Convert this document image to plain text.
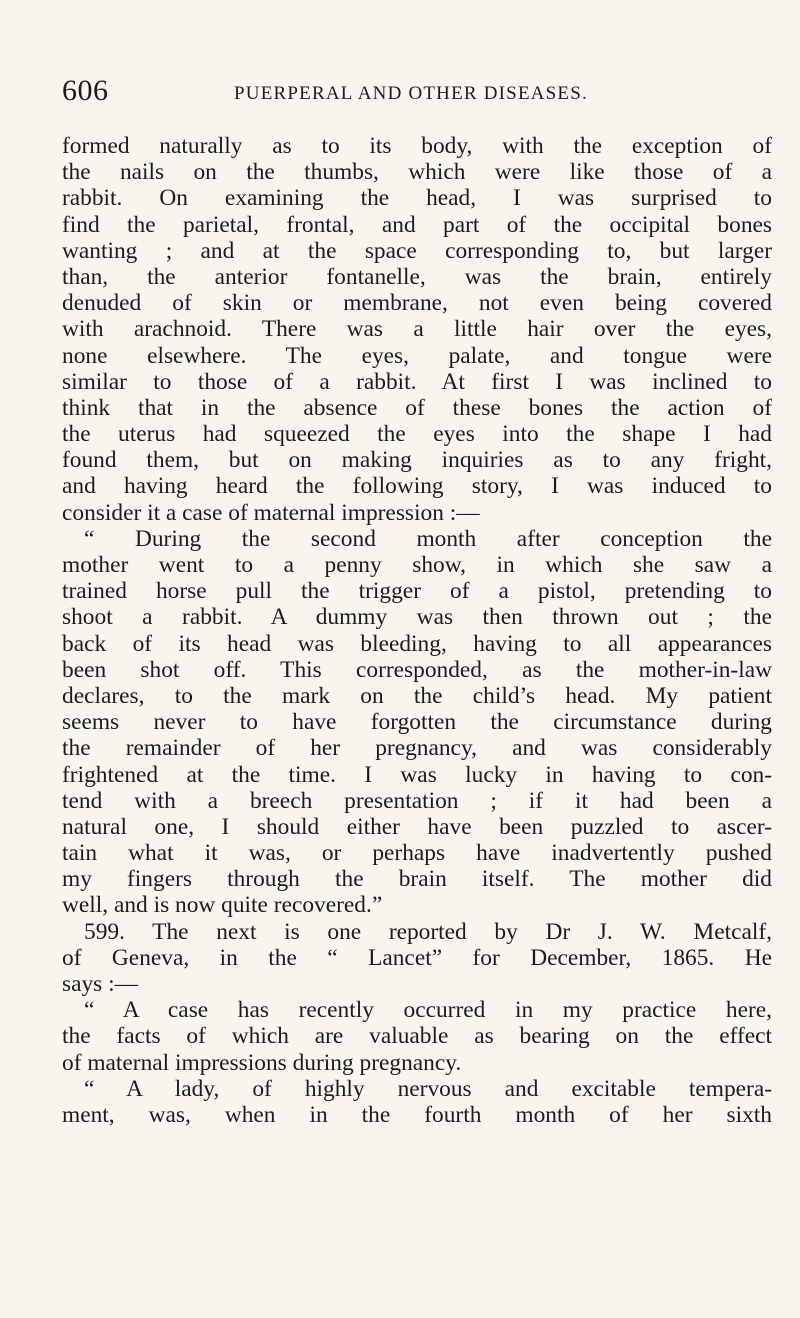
606	PUERPERAL AND OTHER DISEASES.
formed naturally as to its body, with the exception of
the nails on the thumbs, which were like those of a
rabbit. On examining the head, I was surprised to
find the parietal, frontal, and part of the occipital bones
wanting ; and at the space corresponding to, but larger
than, the anterior fontanelle, was the brain, entirely
denuded of skin or membrane, not even being covered
with arachnoid. There was a little hair over the eyes,
none elsewhere. The eyes, palate, and tongue were
similar to those of a rabbit. At first I was inclined to
think that in the absence of these bones the action of
the uterus had squeezed the eyes into the shape I had
found them, but on making inquiries as to any fright,
and having heard the following story, I was induced to
consider it a case of maternal impression :—
“ During the second month after conception the
mother went to a penny show, in which she saw a
trained horse pull the trigger of a pistol, pretending to
shoot a rabbit. A dummy was then thrown out ; the
back of its head was bleeding, having to all appearances
been shot off. This corresponded, as the mother-in-law
declares, to the mark on the child’s head. My patient
seems never to have forgotten the circumstance during
the remainder of her pregnancy, and was considerably
frightened at the time. I was lucky in having to con-
tend with a breech presentation ; if it had been a
natural one, I should either have been puzzled to ascer-
tain what it was, or perhaps have inadvertently pushed
my fingers through the brain itself. The mother did
well, and is now quite recovered.”
599. The next is one reported by Dr J. W. Metcalf,
of Geneva, in the “ Lancet” for December, 1865. He
says :—
“ A case has recently occurred in my practice here,
the facts of which are valuable as bearing on the effect
of maternal impressions during pregnancy.
“ A lady, of highly nervous and excitable tempera-
ment, was, when in the fourth month of her sixth
